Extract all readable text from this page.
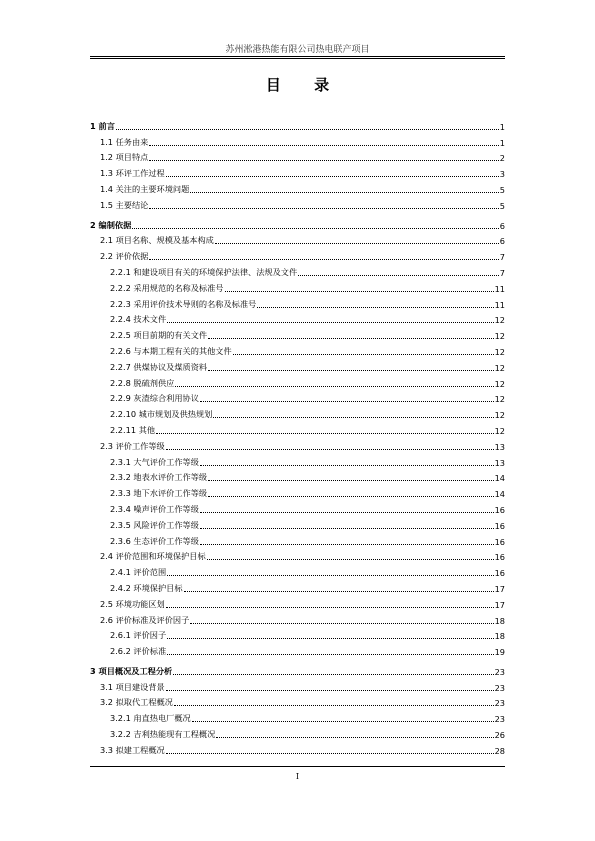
苏州淞港热能有限公司热电联产项目
目 录
1 前言	1
1.1 任务由来	1
1.2 项目特点	2
1.3 环评工作过程	3
1.4 关注的主要环境问题	5
1.5 主要结论	5
2 编制依据	6
2.1 项目名称、规模及基本构成	6
2.2 评价依据	7
2.2.1 和建设项目有关的环境保护法律、法规及文件	7
2.2.2 采用规范的名称及标准号	11
2.2.3 采用评价技术导则的名称及标准号	11
2.2.4 技术文件	12
2.2.5 项目前期的有关文件	12
2.2.6 与本期工程有关的其他文件	12
2.2.7 供煤协议及煤质资料	12
2.2.8 脱硫剂供应	12
2.2.9 灰渣综合利用协议	12
2.2.10 城市规划及供热规划	12
2.2.11 其他	12
2.3 评价工作等级	13
2.3.1 大气评价工作等级	13
2.3.2 地表水评价工作等级	14
2.3.3 地下水评价工作等级	14
2.3.4 噪声评价工作等级	16
2.3.5 风险评价工作等级	16
2.3.6 生态评价工作等级	16
2.4 评价范围和环境保护目标	16
2.4.1 评价范围	16
2.4.2 环境保护目标	17
2.5 环境功能区划	17
2.6 评价标准及评价因子	18
2.6.1 评价因子	18
2.6.2 评价标准	19
3 项目概况及工程分析	23
3.1 项目建设背景	23
3.2 拟取代工程概况	23
3.2.1 甪直热电厂概况	23
3.2.2 吉利热能现有工程概况	26
3.3 拟建工程概况	28
I
